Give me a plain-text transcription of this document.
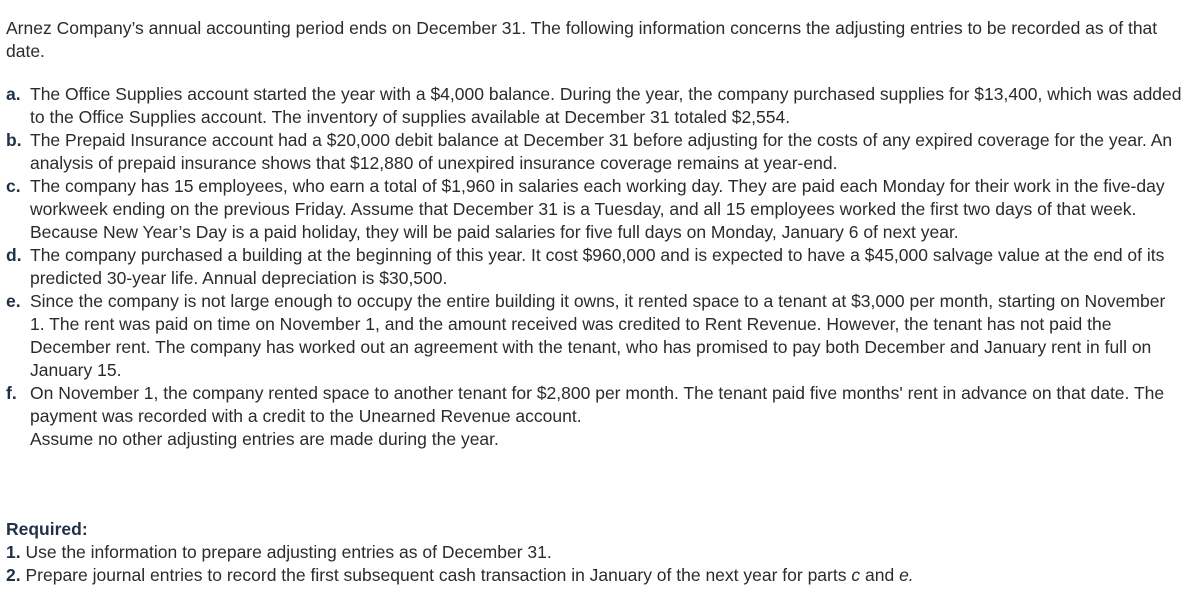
Arnez Company’s annual accounting period ends on December 31. The following information concerns the adjusting entries to be recorded as of that date.
a. The Office Supplies account started the year with a $4,000 balance. During the year, the company purchased supplies for $13,400, which was added to the Office Supplies account. The inventory of supplies available at December 31 totaled $2,554.
b. The Prepaid Insurance account had a $20,000 debit balance at December 31 before adjusting for the costs of any expired coverage for the year. An analysis of prepaid insurance shows that $12,880 of unexpired insurance coverage remains at year-end.
c. The company has 15 employees, who earn a total of $1,960 in salaries each working day. They are paid each Monday for their work in the five-day workweek ending on the previous Friday. Assume that December 31 is a Tuesday, and all 15 employees worked the first two days of that week. Because New Year’s Day is a paid holiday, they will be paid salaries for five full days on Monday, January 6 of next year.
d. The company purchased a building at the beginning of this year. It cost $960,000 and is expected to have a $45,000 salvage value at the end of its predicted 30-year life. Annual depreciation is $30,500.
e. Since the company is not large enough to occupy the entire building it owns, it rented space to a tenant at $3,000 per month, starting on November 1. The rent was paid on time on November 1, and the amount received was credited to Rent Revenue. However, the tenant has not paid the December rent. The company has worked out an agreement with the tenant, who has promised to pay both December and January rent in full on January 15.
f. On November 1, the company rented space to another tenant for $2,800 per month. The tenant paid five months' rent in advance on that date. The payment was recorded with a credit to the Unearned Revenue account.
Assume no other adjusting entries are made during the year.
Required:
1. Use the information to prepare adjusting entries as of December 31.
2. Prepare journal entries to record the first subsequent cash transaction in January of the next year for parts c and e.
